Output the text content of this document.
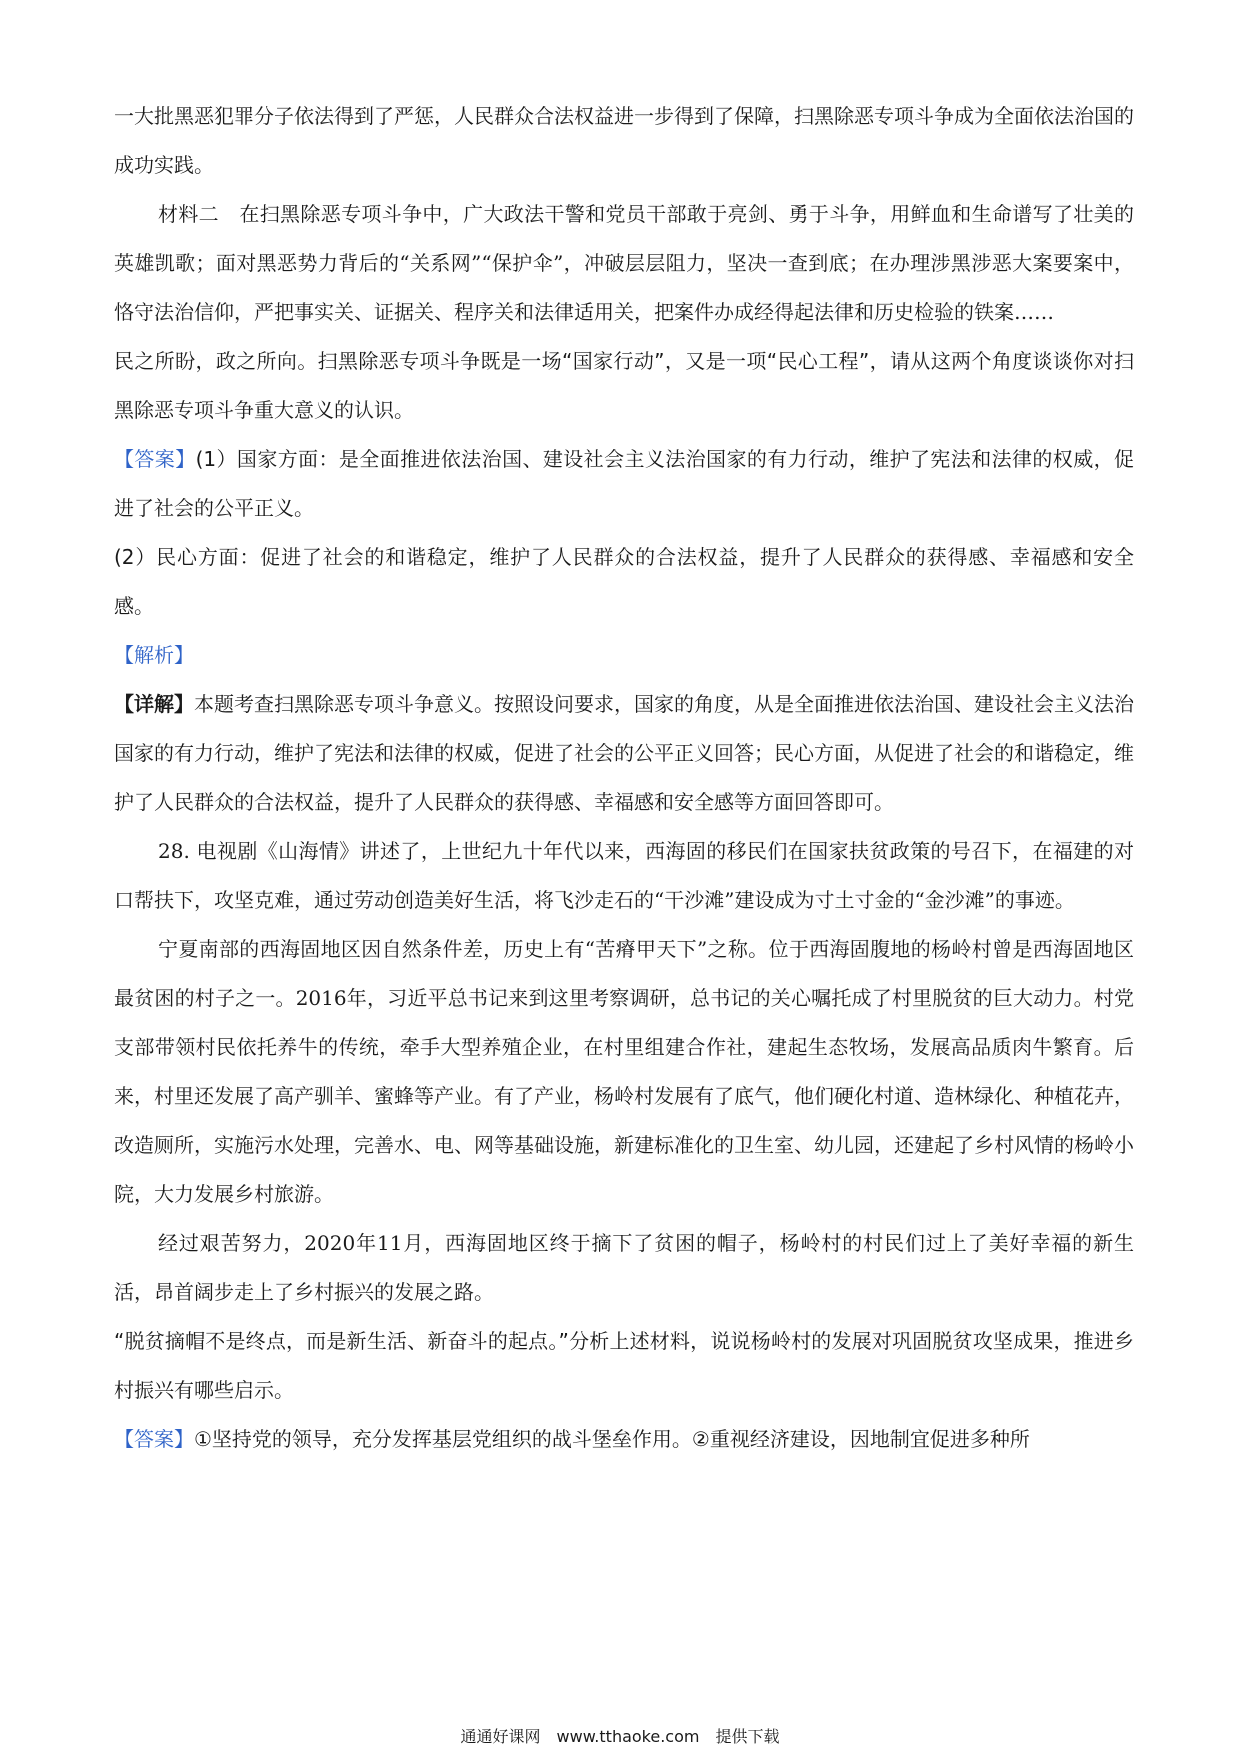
一大批黑恶犯罪分子依法得到了严惩，人民群众合法权益进一步得到了保障，扫黑除恶专项斗争成为全面依法治国的成功实践。

材料二　在扫黑除恶专项斗争中，广大政法干警和党员干部敢于亮剑、勇于斗争，用鲜血和生命谱写了壮美的英雄凯歌；面对黑恶势力背后的“关系网”“保护伞”，冲破层层阻力，坚决一查到底；在办理涉黑涉恶大案要案中，恪守法治信仰，严把事实关、证据关、程序关和法律适用关，把案件办成经得起法律和历史检验的铁案……

民之所盼，政之所向。扫黑除恶专项斗争既是一场“国家行动”，又是一项“民心工程”，请从这两个角度谈谈你对扫黑除恶专项斗争重大意义的认识。

【答案】(1）国家方面：是全面推进依法治国、建设社会主义法治国家的有力行动，维护了宪法和法律的权威，促进了社会的公平正义。

(2）民心方面：促进了社会的和谐稳定，维护了人民群众的合法权益，提升了人民群众的获得感、幸福感和安全感。

【解析】

【详解】本题考查扫黑除恶专项斗争意义。按照设问要求，国家的角度，从是全面推进依法治国、建设社会主义法治国家的有力行动，维护了宪法和法律的权威，促进了社会的公平正义回答；民心方面，从促进了社会的和谐稳定，维护了人民群众的合法权益，提升了人民群众的获得感、幸福感和安全感等方面回答即可。

28. 电视剧《山海情》讲述了，上世纪九十年代以来，西海固的移民们在国家扶贫政策的号召下，在福建的对口帮扶下，攻坚克难，通过劳动创造美好生活，将飞沙走石的“干沙滩”建设成为寸土寸金的“金沙滩”的事迹。

宁夏南部的西海固地区因自然条件差，历史上有“苦瘠甲天下”之称。位于西海固腹地的杨岭村曾是西海固地区最贫困的村子之一。2016年，习近平总书记来到这里考察调研，总书记的关心嘱托成了村里脱贫的巨大动力。村党支部带领村民依托养牛的传统，牵手大型养殖企业，在村里组建合作社，建起生态牧场，发展高品质肉牛繁育。后来，村里还发展了高产驯羊、蜜蜂等产业。有了产业，杨岭村发展有了底气，他们硬化村道、造林绿化、种植花卉，改造厕所，实施污水处理，完善水、电、网等基础设施，新建标准化的卫生室、幼儿园，还建起了乡村风情的杨岭小院，大力发展乡村旅游。

经过艰苦努力，2020年11月，西海固地区终于摘下了贫困的帽子，杨岭村的村民们过上了美好幸福的新生活，昂首阔步走上了乡村振兴的发展之路。

“脱贫摘帽不是终点，而是新生活、新奋斗的起点。”分析上述材料，说说杨岭村的发展对巩固脱贫攻坚成果，推进乡村振兴有哪些启示。

【答案】①坚持党的领导，充分发挥基层党组织的战斗堡垒作用。②重视经济建设，因地制宜促进多种所

通通好课网　www.tthaoke.com　提供下载
